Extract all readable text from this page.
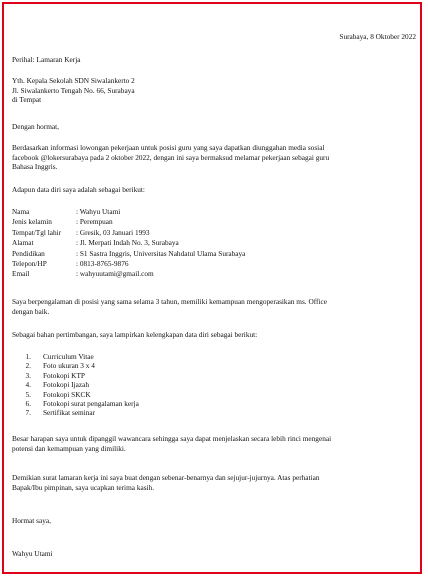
Surabaya, 8 Oktober 2022
Perihal: Lamaran Kerja
Yth. Kepala Sekolah SDN Siwalankerto 2
Jl. Siwalankerto Tengah No. 66, Surabaya
di Tempat
Dengan hormat,
Berdasarkan informasi lowongan pekerjaan untuk posisi guru yang saya dapatkan diunggahan media sosial
facebook @lokersurabaya pada 2 oktober 2022, dengan ini saya bermaksud melamar pekerjaan sebagai guru
Bahasa Inggris.
Adapun data diri saya adalah sebagai berikut:
Nama	: Wahyu Utami
Jenis kelamin	: Perempuan
Tempat/Tgl lahir	: Gresik, 03 Januari 1993
Alamat	: Jl. Merpati Indah No. 3, Surabaya
Pendidikan	: S1 Sastra Inggris, Universitas Nahdatul Ulama Surabaya
Telepon/HP	: 0813-8765-9876
Email	: wahyuutami@gmail.com
Saya berpengalaman di posisi yang sama selama 3 tahun, memiliki kemampuan mengoperasikan ms. Office
dengan baik.
Sebagai bahan pertimbangan, saya lampirkan kelengkapan data diri sebagai berikut:
1.	Curriculum Vitae
2.	Foto ukuran 3 x 4
3.	Fotokopi KTP
4.	Fotokopi Ijazah
5.	Fotokopi SKCK
6.	Fotokopi surat pengalaman kerja
7.	Sertifikat seminar
Besar harapan saya untuk dipanggil wawancara sehingga saya dapat menjelaskan secara lebih rinci mengenai
potensi dan kemampuan yang dimiliki.
Demikian surat lamaran kerja ini saya buat dengan sebenar-benarnya dan sejujur-jujurnya. Atas perhatian
Bapak/Ibu pimpinan, saya ucapkan terima kasih.
Hormat saya,
Wahyu Utami
